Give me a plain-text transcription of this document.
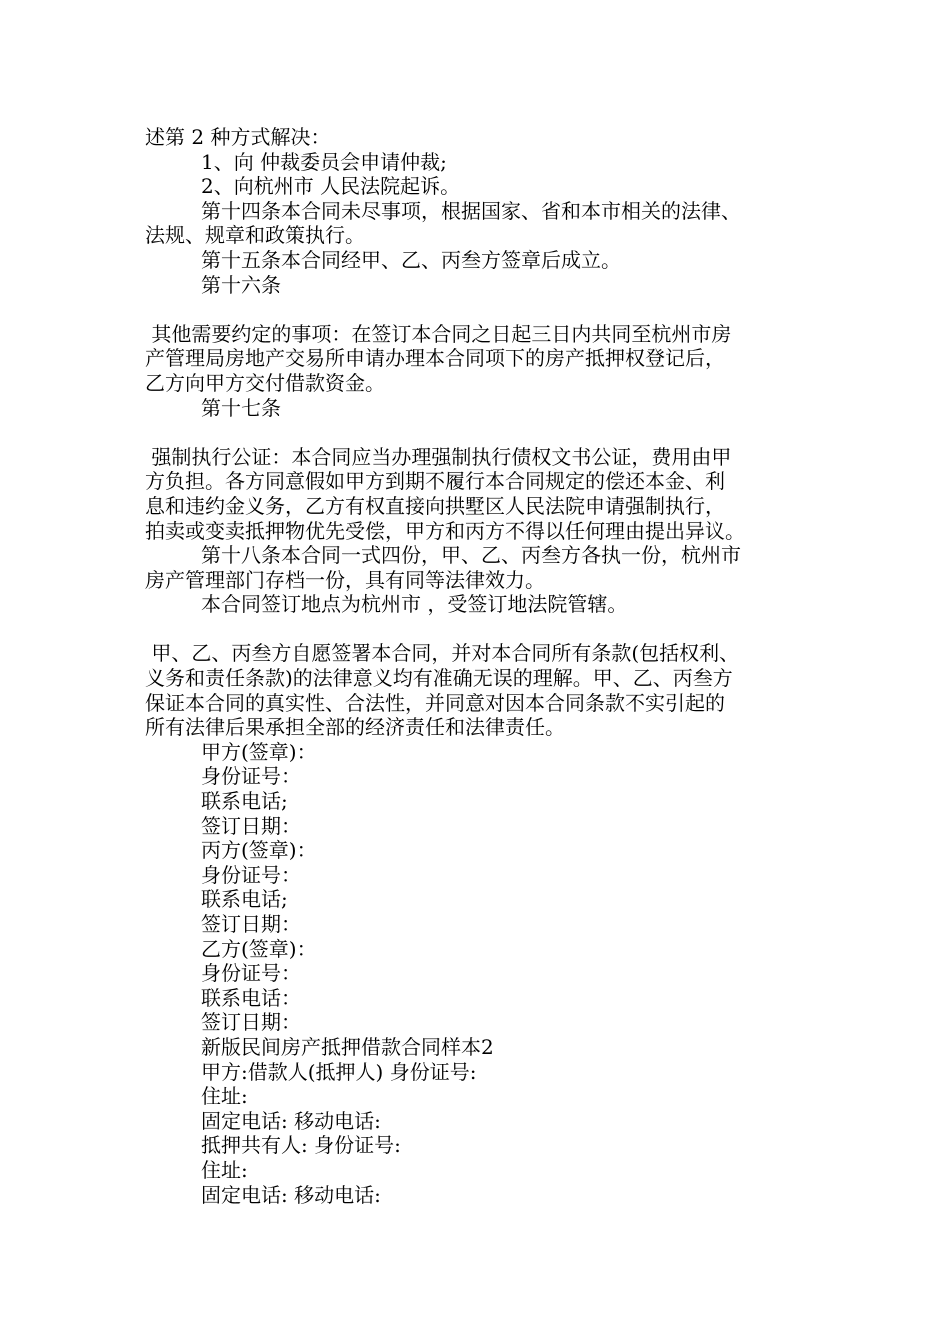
述第 2 种方式解决：
1、向 仲裁委员会申请仲裁;
2、向杭州市 人民法院起诉。
第十四条本合同未尽事项，根据国家、省和本市相关的法律、
法规、规章和政策执行。
第十五条本合同经甲、乙、丙叁方签章后成立。
第十六条
其他需要约定的事项：在签订本合同之日起三日内共同至杭州市房
产管理局房地产交易所申请办理本合同项下的房产抵押权登记后，
乙方向甲方交付借款资金。
第十七条
强制执行公证：本合同应当办理强制执行债权文书公证，费用由甲
方负担。各方同意假如甲方到期不履行本合同规定的偿还本金、利
息和违约金义务，乙方有权直接向拱墅区人民法院申请强制执行，
拍卖或变卖抵押物优先受偿，甲方和丙方不得以任何理由提出异议。
第十八条本合同一式四份，甲、乙、丙叁方各执一份，杭州市
房产管理部门存档一份，具有同等法律效力。
本合同签订地点为杭州市 ，受签订地法院管辖。
甲、乙、丙叁方自愿签署本合同，并对本合同所有条款(包括权利、
义务和责任条款)的法律意义均有准确无误的理解。甲、乙、丙叁方
保证本合同的真实性、合法性，并同意对因本合同条款不实引起的
所有法律后果承担全部的经济责任和法律责任。
甲方(签章)：
身份证号：
联系电话;
签订日期：
丙方(签章)：
身份证号：
联系电话;
签订日期：
乙方(签章)：
身份证号：
联系电话：
签订日期：
新版民间房产抵押借款合同样本2
甲方:借款人(抵押人) 身份证号:
住址:
固定电话: 移动电话:
抵押共有人: 身份证号:
住址:
固定电话: 移动电话:
